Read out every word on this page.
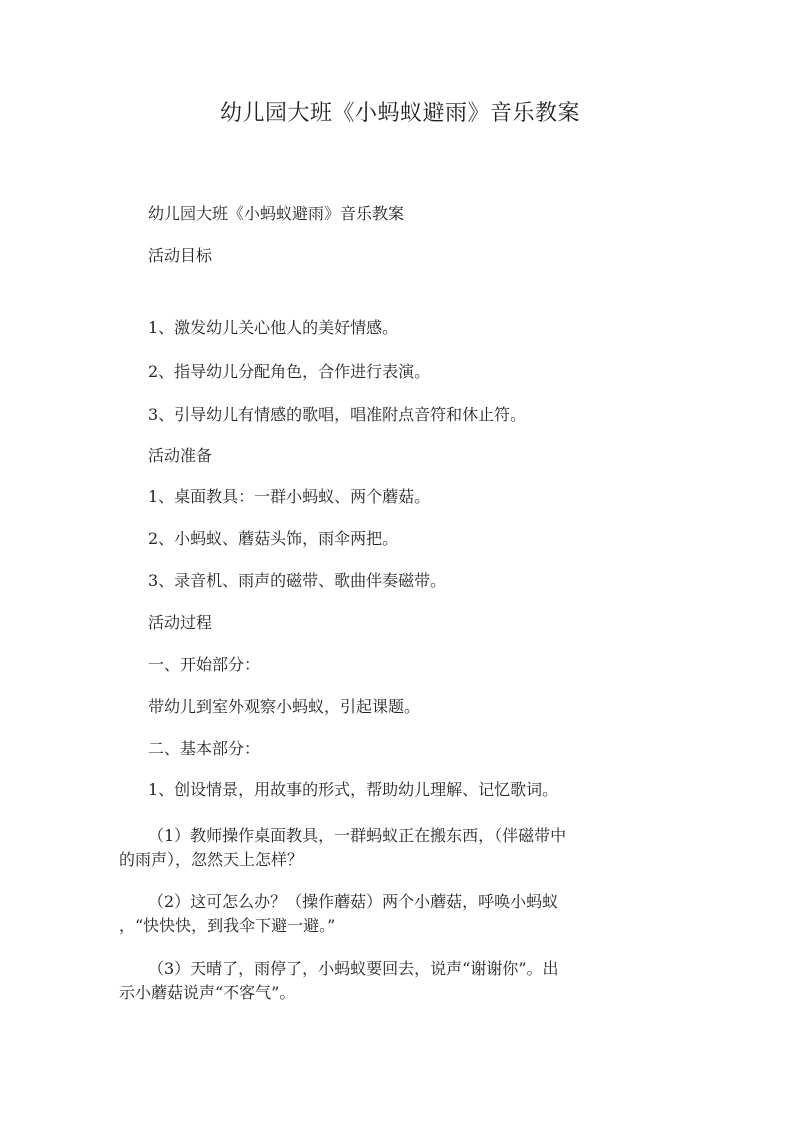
幼儿园大班《小蚂蚁避雨》音乐教案
幼儿园大班《小蚂蚁避雨》音乐教案
活动目标
1、激发幼儿关心他人的美好情感。
2、指导幼儿分配角色，合作进行表演。
3、引导幼儿有情感的歌唱，唱准附点音符和休止符。
活动准备
1、桌面教具：一群小蚂蚁、两个蘑菇。
2、小蚂蚁、蘑菇头饰，雨伞两把。
3、录音机、雨声的磁带、歌曲伴奏磁带。
活动过程
一、开始部分：
带幼儿到室外观察小蚂蚁，引起课题。
二、基本部分：
1、创设情景，用故事的形式，帮助幼儿理解、记忆歌词。
（1）教师操作桌面教具，一群蚂蚁正在搬东西，（伴磁带中
的雨声），忽然天上怎样？
（2）这可怎么办？（操作蘑菇）两个小蘑菇，呼唤小蚂蚁
，“快快快，到我伞下避一避。”
（3）天晴了，雨停了，小蚂蚁要回去，说声“谢谢你”。出
示小蘑菇说声“不客气”。
